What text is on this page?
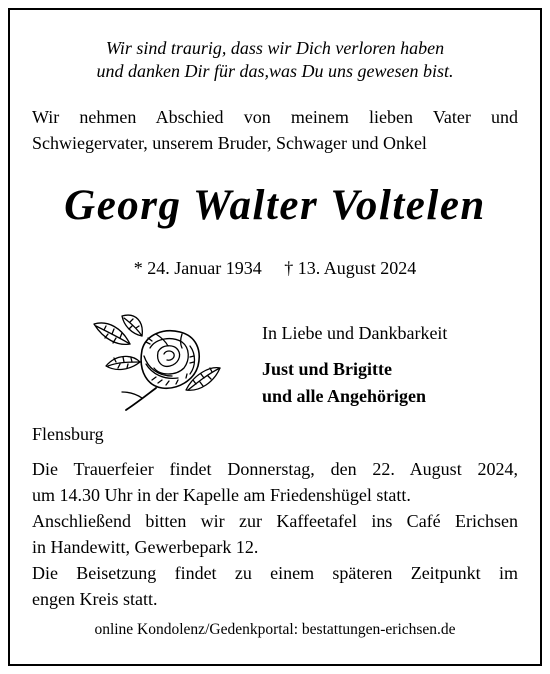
Wir sind traurig, dass wir Dich verloren haben
und danken Dir für das,was Du uns gewesen bist.
Wir nehmen Abschied von meinem lieben Vater und
Schwiegervater, unserem Bruder, Schwager und Onkel
Georg Walter Voltelen
* 24. Januar 1934     † 13. August 2024
In Liebe und Dankbarkeit
Just und Brigitte
und alle Angehörigen
Flensburg
Die Trauerfeier findet Donnerstag, den 22. August 2024,
um 14.30 Uhr in der Kapelle am Friedenshügel statt.
Anschließend bitten wir zur Kaffeetafel ins Café Erichsen
in Handewitt, Gewerbepark 12.
Die Beisetzung findet zu einem späteren Zeitpunkt im
engen Kreis statt.
online Kondolenz/Gedenkportal: bestattungen-erichsen.de
